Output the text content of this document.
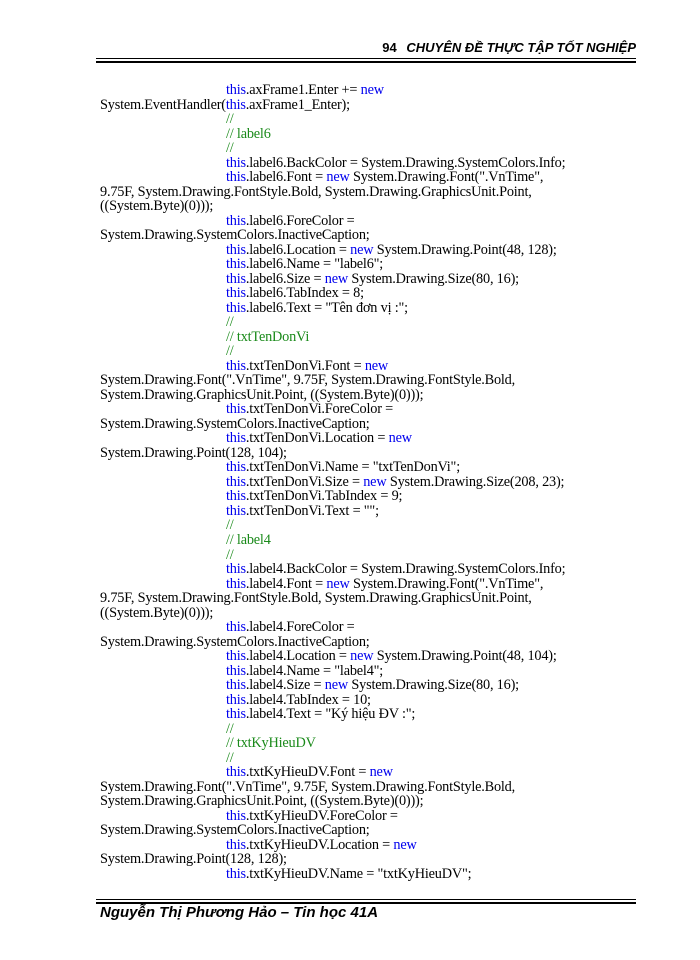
94 CHUYÊN ĐỀ THỰC TẬP TỐT NGHIỆP
this.axFrame1.Enter += new
System.EventHandler(this.axFrame1_Enter);
//
// label6
//
this.label6.BackColor = System.Drawing.SystemColors.Info;
this.label6.Font = new System.Drawing.Font(".VnTime",
9.75F, System.Drawing.FontStyle.Bold, System.Drawing.GraphicsUnit.Point,
((System.Byte)(0)));
this.label6.ForeColor =
System.Drawing.SystemColors.InactiveCaption;
this.label6.Location = new System.Drawing.Point(48, 128);
this.label6.Name = "label6";
this.label6.Size = new System.Drawing.Size(80, 16);
this.label6.TabIndex = 8;
this.label6.Text = "Tên đơn vị :";
//
// txtTenDonVi
//
this.txtTenDonVi.Font = new
System.Drawing.Font(".VnTime", 9.75F, System.Drawing.FontStyle.Bold,
System.Drawing.GraphicsUnit.Point, ((System.Byte)(0)));
this.txtTenDonVi.ForeColor =
System.Drawing.SystemColors.InactiveCaption;
this.txtTenDonVi.Location = new
System.Drawing.Point(128, 104);
this.txtTenDonVi.Name = "txtTenDonVi";
this.txtTenDonVi.Size = new System.Drawing.Size(208, 23);
this.txtTenDonVi.TabIndex = 9;
this.txtTenDonVi.Text = "";
//
// label4
//
this.label4.BackColor = System.Drawing.SystemColors.Info;
this.label4.Font = new System.Drawing.Font(".VnTime",
9.75F, System.Drawing.FontStyle.Bold, System.Drawing.GraphicsUnit.Point,
((System.Byte)(0)));
this.label4.ForeColor =
System.Drawing.SystemColors.InactiveCaption;
this.label4.Location = new System.Drawing.Point(48, 104);
this.label4.Name = "label4";
this.label4.Size = new System.Drawing.Size(80, 16);
this.label4.TabIndex = 10;
this.label4.Text = "Ký hiệu ĐV :";
//
// txtKyHieuDV
//
this.txtKyHieuDV.Font = new
System.Drawing.Font(".VnTime", 9.75F, System.Drawing.FontStyle.Bold,
System.Drawing.GraphicsUnit.Point, ((System.Byte)(0)));
this.txtKyHieuDV.ForeColor =
System.Drawing.SystemColors.InactiveCaption;
this.txtKyHieuDV.Location = new
System.Drawing.Point(128, 128);
this.txtKyHieuDV.Name = "txtKyHieuDV";
Nguyễn Thị Phương Hảo – Tin học 41A
